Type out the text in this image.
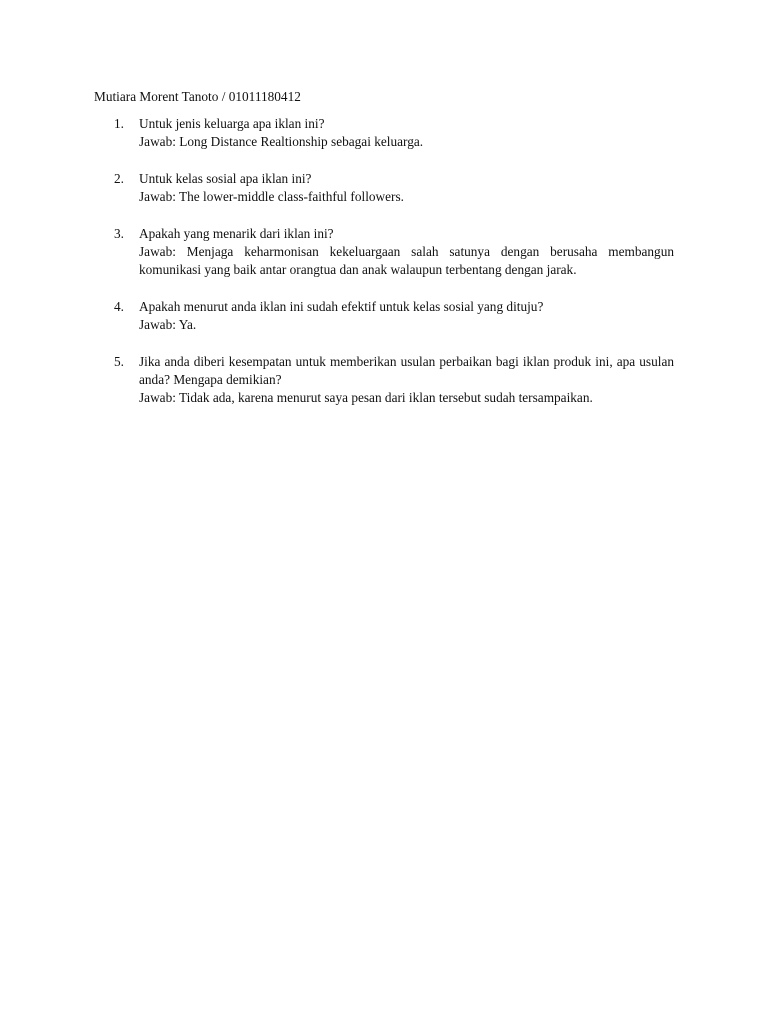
Mutiara Morent Tanoto / 01011180412
1. Untuk jenis keluarga apa iklan ini?
Jawab: Long Distance Realtionship sebagai keluarga.
2. Untuk kelas sosial apa iklan ini?
Jawab: The lower-middle class-faithful followers.
3. Apakah yang menarik dari iklan ini?
Jawab: Menjaga keharmonisan kekeluargaan salah satunya dengan berusaha membangun komunikasi yang baik antar orangtua dan anak walaupun terbentang dengan jarak.
4. Apakah menurut anda iklan ini sudah efektif untuk kelas sosial yang dituju?
Jawab: Ya.
5. Jika anda diberi kesempatan untuk memberikan usulan perbaikan bagi iklan produk ini, apa usulan anda? Mengapa demikian?
Jawab: Tidak ada, karena menurut saya pesan dari iklan tersebut sudah tersampaikan.
